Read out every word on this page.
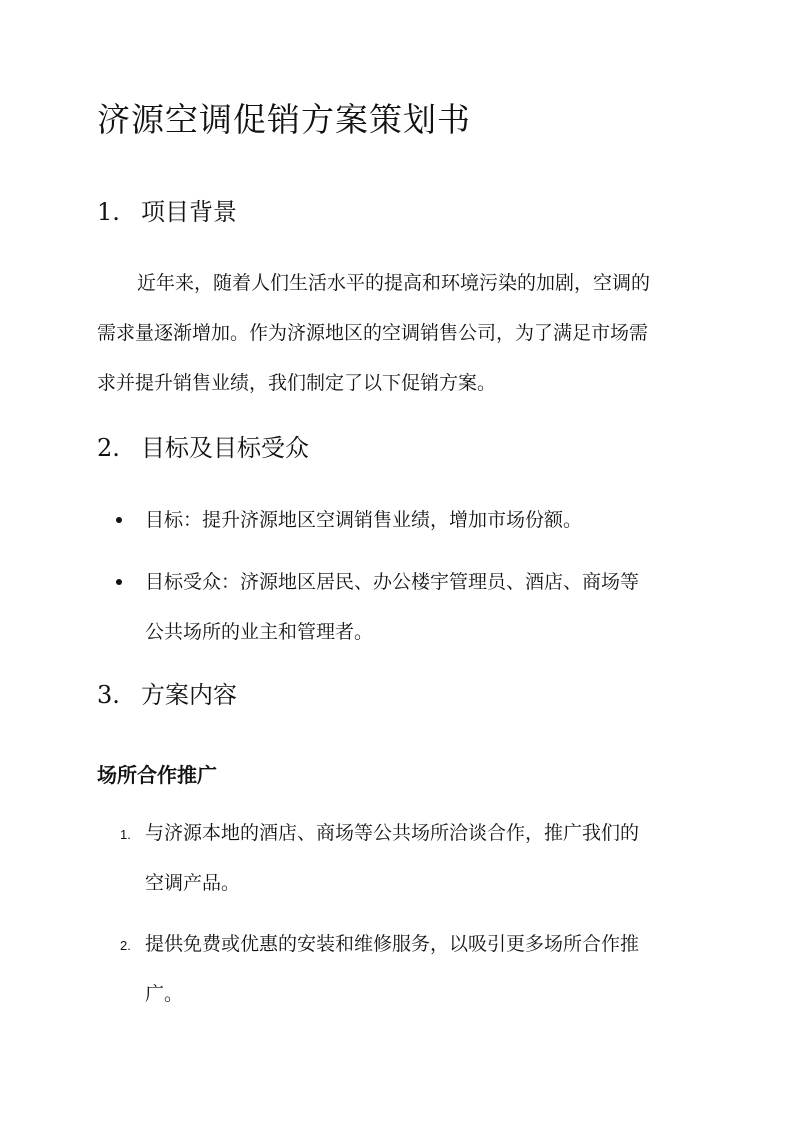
济源空调促销方案策划书
1. 项目背景
近年来，随着人们生活水平的提高和环境污染的加剧，空调的
需求量逐渐增加。作为济源地区的空调销售公司，为了满足市场需
求并提升销售业绩，我们制定了以下促销方案。
2. 目标及目标受众
目标：提升济源地区空调销售业绩，增加市场份额。
目标受众：济源地区居民、办公楼宇管理员、酒店、商场等
公共场所的业主和管理者。
3. 方案内容
场所合作推广
1. 与济源本地的酒店、商场等公共场所洽谈合作，推广我们的
空调产品。
2. 提供免费或优惠的安装和维修服务，以吸引更多场所合作推
广。
